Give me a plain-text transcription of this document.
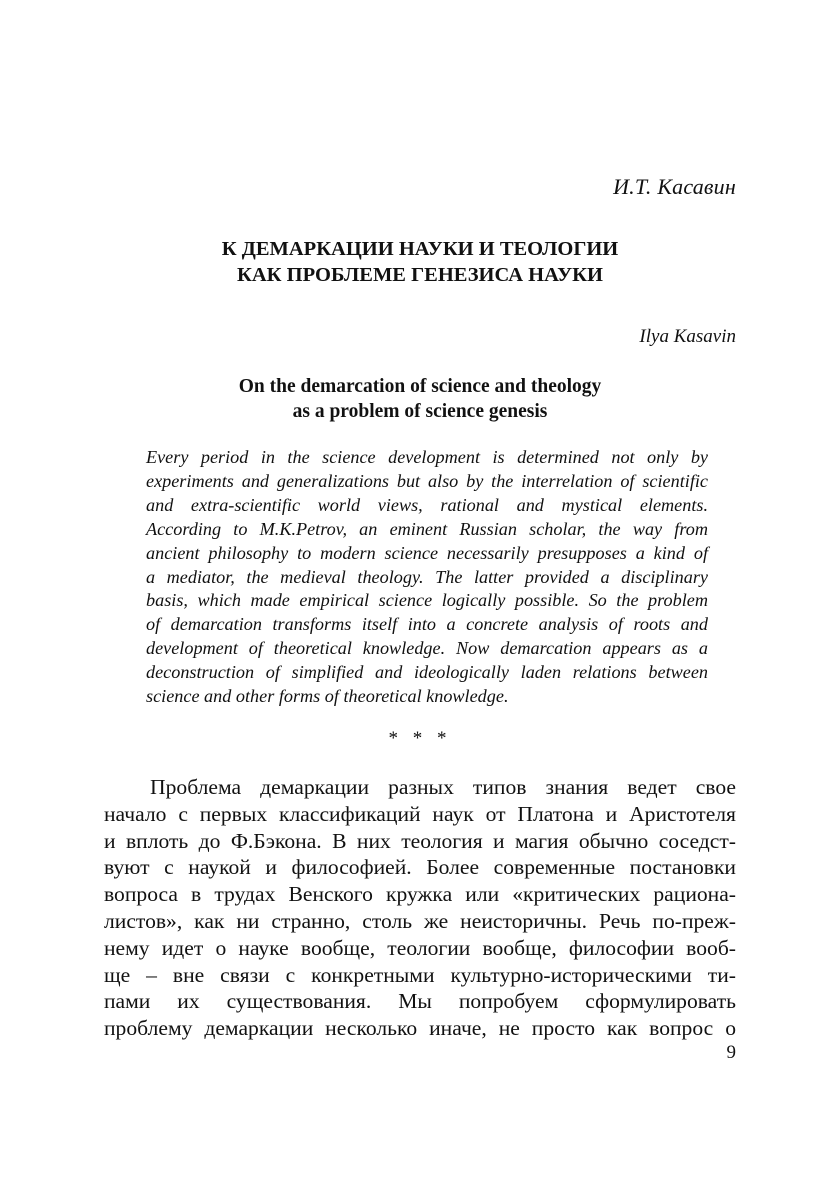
И.Т. Касавин

К ДЕМАРКАЦИИ НАУКИ И ТЕОЛОГИИ
КАК ПРОБЛЕМЕ ГЕНЕЗИСА НАУКИ

Ilya Kasavin

On the demarcation of science and theology
as a problem of science genesis
Every period in the science development is determined not only by
experiments and generalizations but also by the interrelation of scientific
and extra-scientific world views, rational and mystical elements.
According to M.K.Petrov, an eminent Russian scholar, the way from
ancient philosophy to modern science necessarily presupposes a kind of
a mediator, the medieval theology. The latter provided a disciplinary
basis, which made empirical science logically possible. So the problem
of demarcation transforms itself into a concrete analysis of roots and
development of theoretical knowledge. Now demarcation appears as a
deconstruction of simplified and ideologically laden relations between
science and other forms of theoretical knowledge.

* * *

Проблема демаркации разных типов знания ведет свое
начало с первых классификаций наук от Платона и Аристотеля
и вплоть до Ф.Бэкона. В них теология и магия обычно соседст-
вуют с наукой и философией. Более современные постановки
вопроса в трудах Венского кружка или «критических рациона-
листов», как ни странно, столь же неисторичны. Речь по-преж-
нему идет о науке вообще, теологии вообще, философии вооб-
ще – вне связи с конкретными культурно-историческими ти-
пами их существования. Мы попробуем сформулировать
проблему демаркации несколько иначе, не просто как вопрос о

9
